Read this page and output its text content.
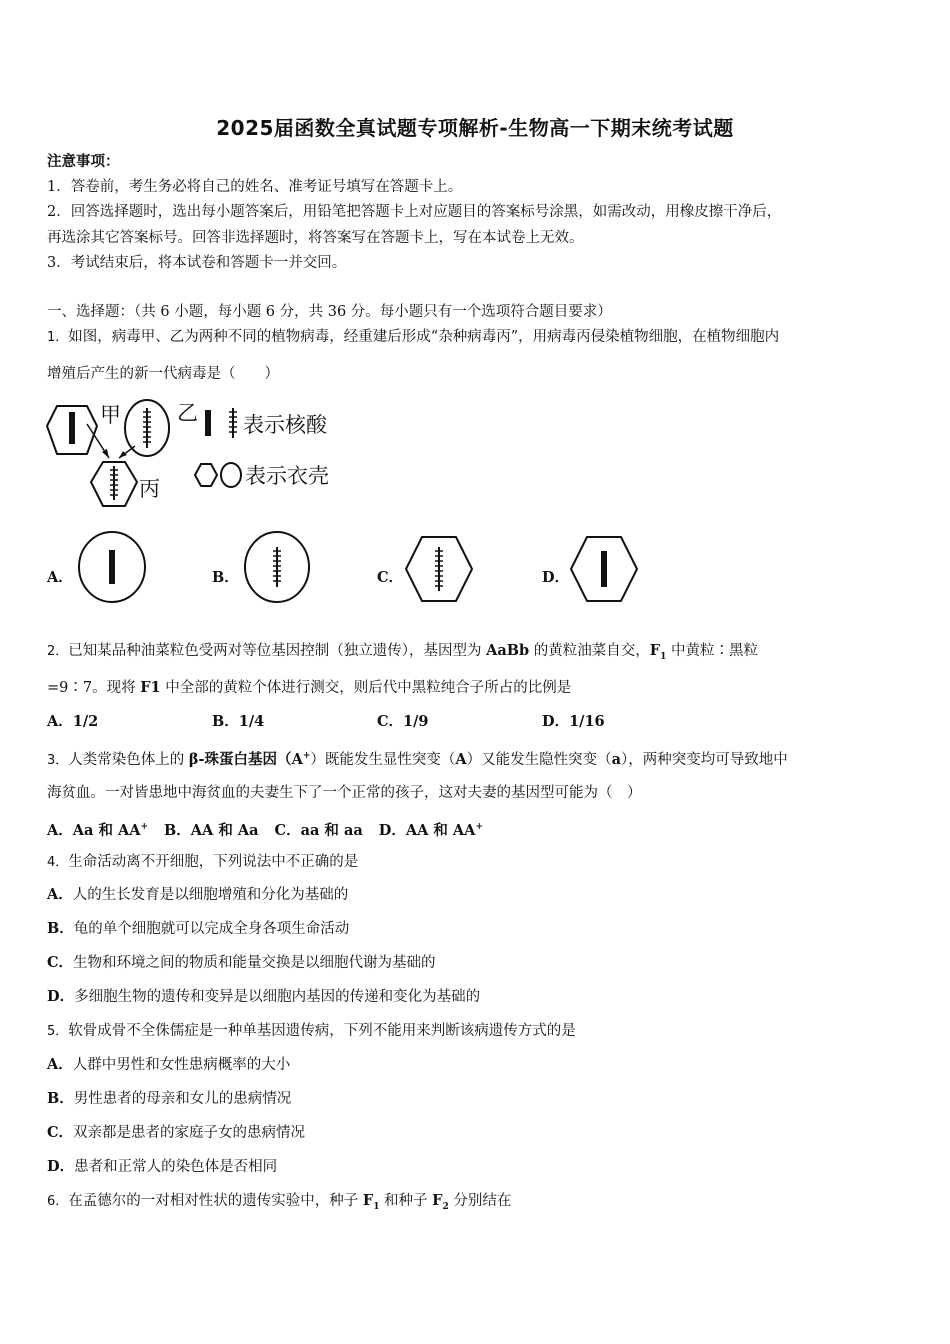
2025届函数全真试题专项解析-生物高一下期末统考试题
注意事项：
1．答卷前，考生务必将自己的姓名、准考证号填写在答题卡上。
2．回答选择题时，选出每小题答案后，用铅笔把答题卡上对应题目的答案标号涂黑，如需改动，用橡皮擦干净后，
再选涂其它答案标号。回答非选择题时，将答案写在答题卡上，写在本试卷上无效。
3．考试结束后，将本试卷和答题卡一并交回。
一、选择题：（共 6 小题，每小题 6 分，共 36 分。每小题只有一个选项符合题目要求）
1．如图，病毒甲、乙为两种不同的植物病毒，经重建后形成“杂种病毒丙”，用病毒丙侵染植物细胞，在植物细胞内
增殖后产生的新一代病毒是（　　）
甲	乙
丙
表示核酸
表示衣壳
A．	B．	C．	D．
2．已知某品种油菜粒色受两对等位基因控制（独立遗传），基因型为 AaBb 的黄粒油菜自交，$F_1$ 中黄粒∶黑粒
=9∶7。现将 F1 中全部的黄粒个体进行测交，则后代中黑粒纯合子所占的比例是
A．1/2	B．1/4	C．1/9	D．1/16
3．人类常染色体上的 β-珠蛋白基因（A+）既能发生显性突变（A）又能发生隐性突变（a），两种突变均可导致地中
海贫血。一对皆患地中海贫血的夫妻生下了一个正常的孩子，这对夫妻的基因型可能为（　）
A．Aa 和 AA+ B．AA 和 Aa C．aa 和 aa D．AA 和 AA+
4．生命活动离不开细胞，下列说法中不正确的是
A．人的生长发育是以细胞增殖和分化为基础的
B．龟的单个细胞就可以完成全身各项生命活动
C．生物和环境之间的物质和能量交换是以细胞代谢为基础的
D．多细胞生物的遗传和变异是以细胞内基因的传递和变化为基础的
5．软骨成骨不全侏儒症是一种单基因遗传病，下列不能用来判断该病遗传方式的是
A．人群中男性和女性患病概率的大小
B．男性患者的母亲和女儿的患病情况
C．双亲都是患者的家庭子女的患病情况
D．患者和正常人的染色体是否相同
6．在孟德尔的一对相对性状的遗传实验中，种子 $F_1$ 和种子 $F_2$ 分别结在
